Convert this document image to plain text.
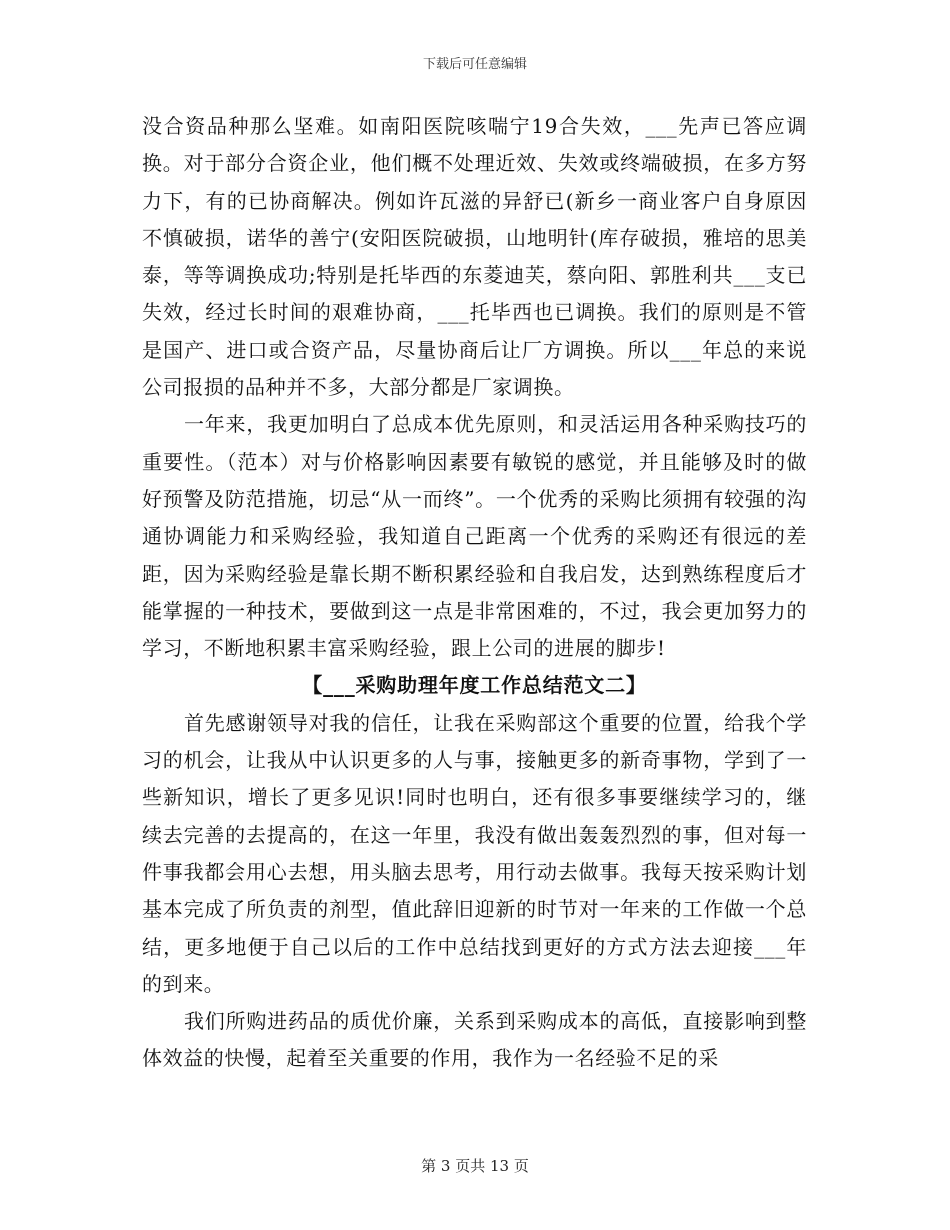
下载后可任意编辑

没合资品种那么坚难。如南阳医院咳喘宁19合失效，___先声已答应调换。对于部分合资企业，他们概不处理近效、失效或终端破损，在多方努力下，有的已协商解决。例如许瓦滋的异舒已(新乡一商业客户自身原因不慎破损，诺华的善宁(安阳医院破损，山地明针(库存破损，雅培的思美泰，等等调换成功;特别是托毕西的东菱迪芙，蔡向阳、郭胜利共___支已失效，经过长时间的艰难协商，___托毕西也已调换。我们的原则是不管是国产、进口或合资产品，尽量协商后让厂方调换。所以___年总的来说公司报损的品种并不多，大部分都是厂家调换。

一年来，我更加明白了总成本优先原则，和灵活运用各种采购技巧的重要性。（范本）对与价格影响因素要有敏锐的感觉，并且能够及时的做好预警及防范措施，切忌“从一而终”。一个优秀的采购比须拥有较强的沟通协调能力和采购经验，我知道自己距离一个优秀的采购还有很远的差距，因为采购经验是靠长期不断积累经验和自我启发，达到熟练程度后才能掌握的一种技术，要做到这一点是非常困难的，不过，我会更加努力的学习，不断地积累丰富采购经验，跟上公司的进展的脚步!

【___采购助理年度工作总结范文二】

首先感谢领导对我的信任，让我在采购部这个重要的位置，给我个学习的机会，让我从中认识更多的人与事，接触更多的新奇事物，学到了一些新知识，增长了更多见识!同时也明白，还有很多事要继续学习的，继续去完善的去提高的，在这一年里，我没有做出轰轰烈烈的事，但对每一件事我都会用心去想，用头脑去思考，用行动去做事。我每天按采购计划基本完成了所负责的剂型，值此辞旧迎新的时节对一年来的工作做一个总结，更多地便于自己以后的工作中总结找到更好的方式方法去迎接___年的到来。

我们所购进药品的质优价廉，关系到采购成本的高低，直接影响到整体效益的快慢，起着至关重要的作用，我作为一名经验不足的采

第 3 页共 13 页
